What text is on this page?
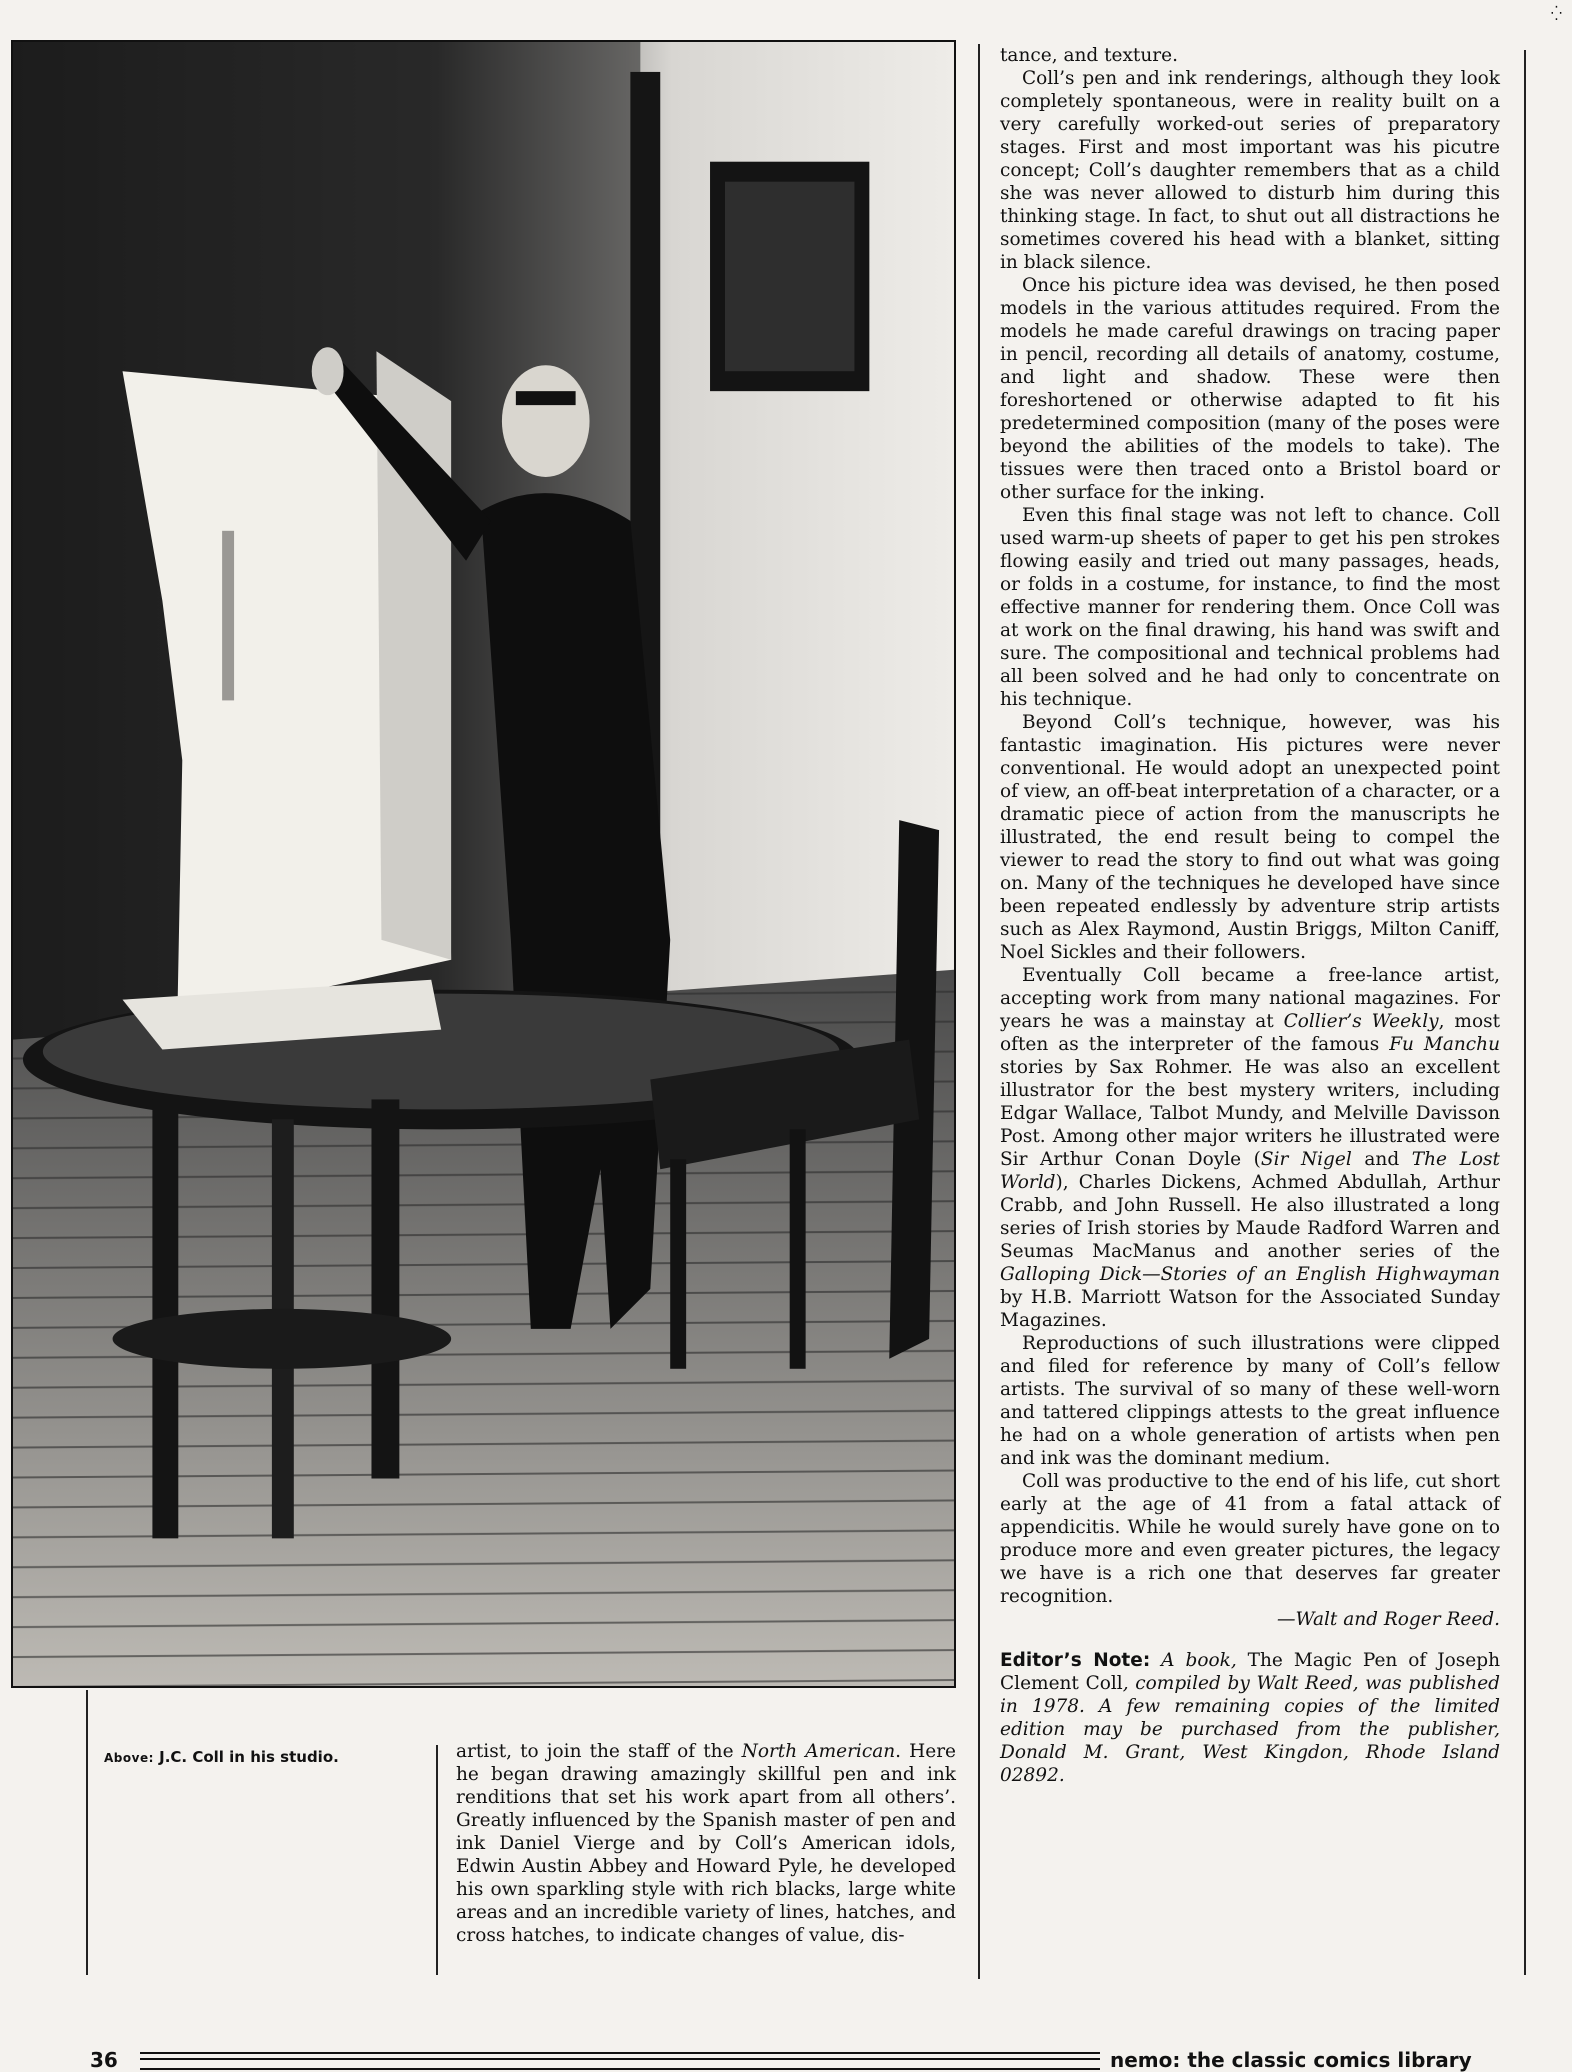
⁛
Above: J.C. Coll in his studio.	artist, to join the staff of the North American. Here he began drawing amazingly skillful pen and ink renditions that set his work apart from all others’. Greatly influenced by the Spanish master of pen and ink Daniel Vierge and by Coll’s American idols, Edwin Austin Abbey and Howard Pyle, he developed his own sparkling style with rich blacks, large white areas and an incredible variety of lines, hatches, and cross hatches, to indicate changes of value, dis-

tance, and texture.

Coll’s pen and ink renderings, although they look completely spontaneous, were in reality built on a very carefully worked-out series of preparatory stages. First and most important was his picutre concept; Coll’s daughter remembers that as a child she was never allowed to disturb him during this thinking stage. In fact, to shut out all distractions he sometimes covered his head with a blanket, sitting in black silence.

Once his picture idea was devised, he then posed models in the various attitudes required. From the models he made careful drawings on tracing paper in pencil, recording all details of anatomy, costume, and light and shadow. These were then foreshortened or otherwise adapted to fit his predetermined composition (many of the poses were beyond the abilities of the models to take). The tissues were then traced onto a Bristol board or other surface for the inking.

Even this final stage was not left to chance. Coll used warm-up sheets of paper to get his pen strokes flowing easily and tried out many passages, heads, or folds in a costume, for instance, to find the most effective manner for rendering them. Once Coll was at work on the final drawing, his hand was swift and sure. The compositional and technical problems had all been solved and he had only to concentrate on his technique.

Beyond Coll’s technique, however, was his fantastic imagination. His pictures were never conventional. He would adopt an unexpected point of view, an off-beat interpretation of a character, or a dramatic piece of action from the manuscripts he illustrated, the end result being to compel the viewer to read the story to find out what was going on. Many of the techniques he developed have since been repeated endlessly by adventure strip artists such as Alex Raymond, Austin Briggs, Milton Caniff, Noel Sickles and their followers.

Eventually Coll became a free-lance artist, accepting work from many national magazines. For years he was a mainstay at Collier’s Weekly, most often as the interpreter of the famous Fu Manchu stories by Sax Rohmer. He was also an excellent illustrator for the best mystery writers, including Edgar Wallace, Talbot Mundy, and Melville Davisson Post. Among other major writers he illustrated were Sir Arthur Conan Doyle (Sir Nigel and The Lost World), Charles Dickens, Achmed Abdullah, Arthur Crabb, and John Russell. He also illustrated a long series of Irish stories by Maude Radford Warren and Seumas MacManus and another series of the Galloping Dick—Stories of an English Highwayman by H.B. Marriott Watson for the Associated Sunday Magazines.

Reproductions of such illustrations were clipped and filed for reference by many of Coll’s fellow artists. The survival of so many of these well-worn and tattered clippings attests to the great influence he had on a whole generation of artists when pen and ink was the dominant medium.

Coll was productive to the end of his life, cut short early at the age of 41 from a fatal attack of appendicitis. While he would surely have gone on to produce more and even greater pictures, the legacy we have is a rich one that deserves far greater recognition.

—Walt and Roger Reed.

Editor’s Note: A book, The Magic Pen of Joseph Clement Coll, compiled by Walt Reed, was published in 1978. A few remaining copies of the limited edition may be purchased from the publisher, Donald M. Grant, West Kingdon, Rhode Island 02892.

36	nemo: the classic comics library
